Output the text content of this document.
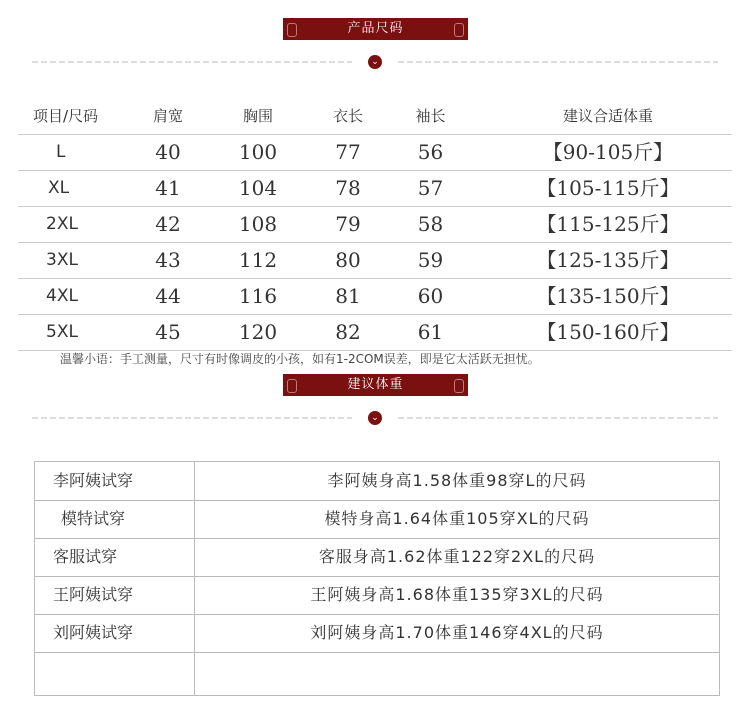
产品尺码
⌄
项目/尺码	肩宽	胸围	衣长	袖长	建议合适体重
L	40	100	77	56	【90-105斤】
XL	41	104	78	57	【105-115斤】
2XL	42	108	79	58	【115-125斤】
3XL	43	112	80	59	【125-135斤】
4XL	44	116	81	60	【135-150斤】
5XL	45	120	82	61	【150-160斤】
温馨小语：手工测量，尺寸有时像调皮的小孩，如有1-2COM误差，即是它太活跃无担忧。
建议体重
⌄
李阿姨试穿	李阿姨身高1.58体重98穿L的尺码
模特试穿	模特身高1.64体重105穿XL的尺码
客服试穿	客服身高1.62体重122穿2XL的尺码
王阿姨试穿	王阿姨身高1.68体重135穿3XL的尺码
刘阿姨试穿	刘阿姨身高1.70体重146穿4XL的尺码
